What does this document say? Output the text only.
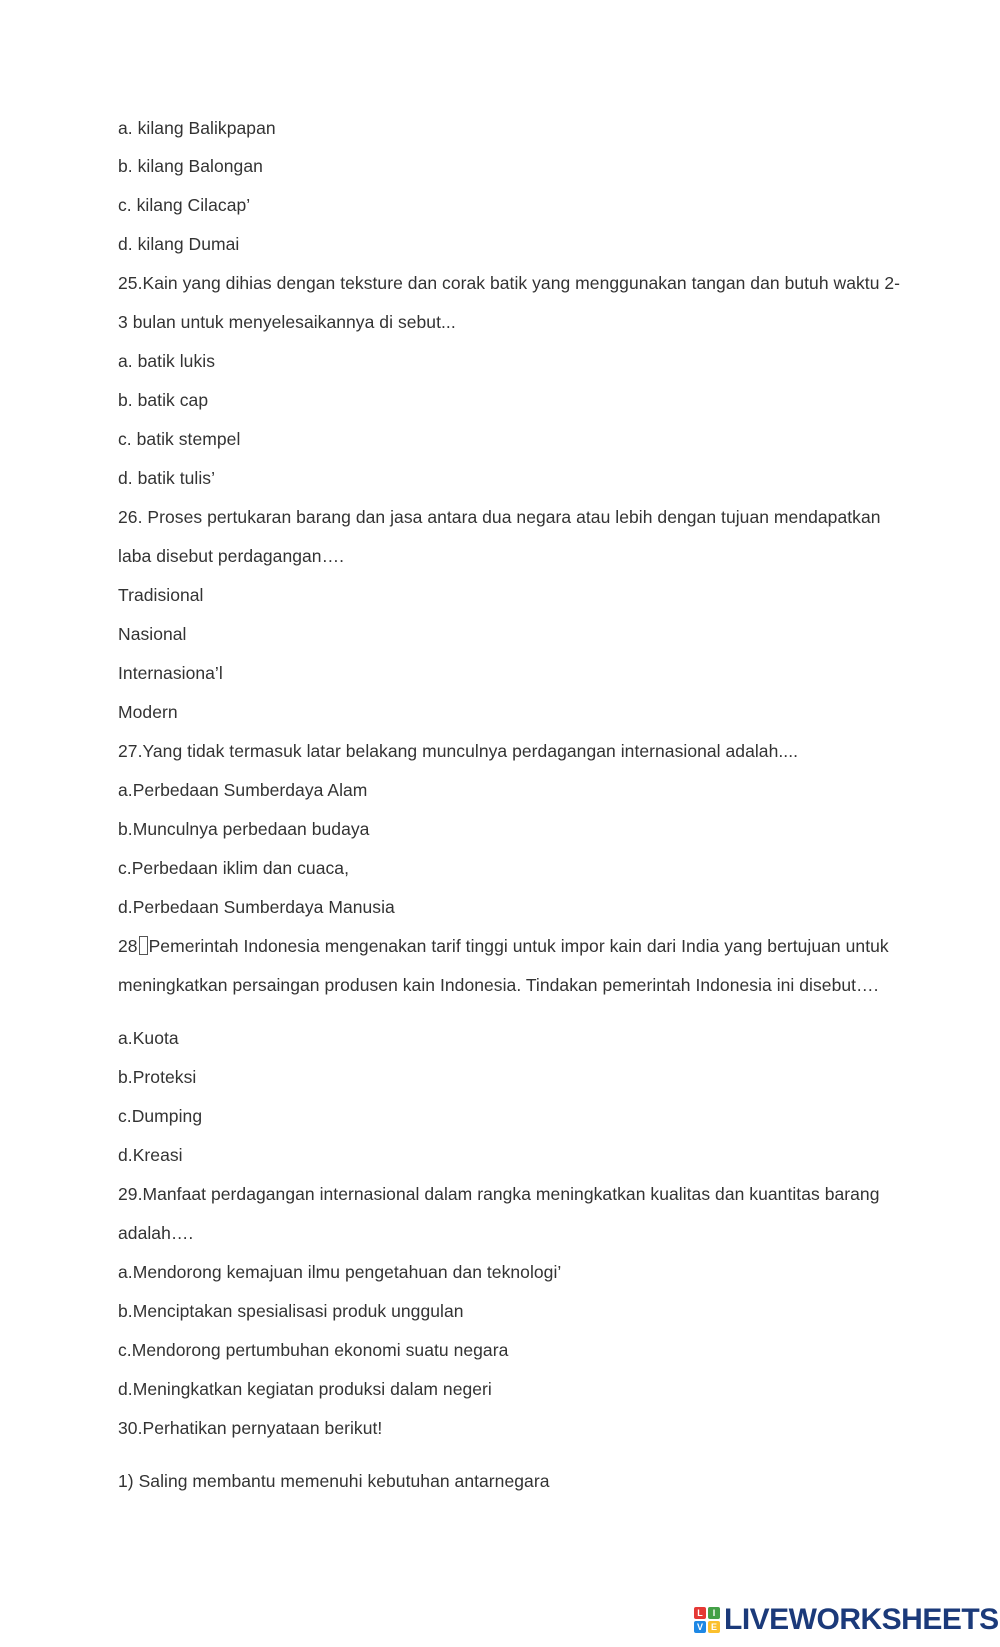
a. kilang Balikpapan
b. kilang Balongan
c. kilang Cilacap’
d. kilang Dumai
25.Kain yang dihias dengan teksture dan corak batik yang menggunakan tangan dan butuh waktu 2-
3 bulan untuk menyelesaikannya di sebut...
a. batik lukis
b. batik cap
c. batik stempel
d. batik tulis’
26. Proses pertukaran barang dan jasa antara dua negara atau lebih dengan tujuan mendapatkan
laba disebut perdagangan….
Tradisional
Nasional
Internasiona’l
Modern
27.Yang tidak termasuk latar belakang munculnya perdagangan internasional adalah....
a.Perbedaan Sumberdaya Alam
b.Munculnya perbedaan budaya
c.Perbedaan iklim dan cuaca,
d.Perbedaan Sumberdaya Manusia
28 Pemerintah Indonesia mengenakan tarif tinggi untuk impor kain dari India yang bertujuan untuk
meningkatkan persaingan produsen kain Indonesia. Tindakan pemerintah Indonesia ini disebut….
a.Kuota
b.Proteksi
c.Dumping
d.Kreasi
29.Manfaat perdagangan internasional dalam rangka meningkatkan kualitas dan kuantitas barang
adalah….
a.Mendorong kemajuan ilmu pengetahuan dan teknologi’
b.Menciptakan spesialisasi produk unggulan
c.Mendorong pertumbuhan ekonomi suatu negara
d.Meningkatkan kegiatan produksi dalam negeri
30.Perhatikan pernyataan berikut!
1) Saling membantu memenuhi kebutuhan antarnegara
L	I
V E LIVEWORKSHEETS
